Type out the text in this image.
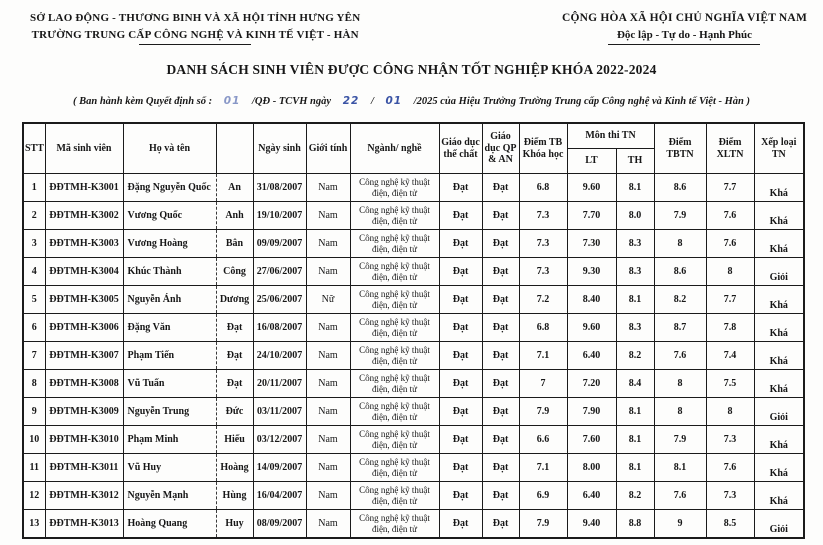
SỞ LAO ĐỘNG - THƯƠNG BINH VÀ XÃ HỘI TỈNH HƯNG YÊN
TRƯỜNG TRUNG CẤP CÔNG NGHỆ VÀ KINH TẾ VIỆT - HÀN
CỘNG HÒA XÃ HỘI CHỦ NGHĨA VIỆT NAM
Độc lập - Tự do - Hạnh Phúc
DANH SÁCH SINH VIÊN ĐƯỢC CÔNG NHẬN TỐT NGHIỆP KHÓA 2022-2024
( Ban hành kèm Quyết định số : 01 /QĐ - TCVH ngày 22 / 01 /2025 của Hiệu Trưởng Trường Trung cấp Công nghệ và Kinh tế Việt - Hàn )
STT	Mã sinh viên	Họ và tên		Ngày sinh	Giới tính	Ngành/ nghề	Giáo dục thể chất	Giáo dục QP & AN	Điểm TB Khóa học	Môn thi TN		Điểm TBTN	Điểm XLTN	Xếp loại TN
										LT	TH			
1	ĐĐTMH-K3001	Đặng Nguyễn Quốc	An	31/08/2007	Nam	Công nghệ kỹ thuật điện, điện tử	Đạt	Đạt	6.8	9.60	8.1	8.6	7.7	Khá
2	ĐĐTMH-K3002	Vương Quốc	Anh	19/10/2007	Nam	Công nghệ kỹ thuật điện, điện tử	Đạt	Đạt	7.3	7.70	8.0	7.9	7.6	Khá
3	ĐĐTMH-K3003	Vương Hoàng	Bân	09/09/2007	Nam	Công nghệ kỹ thuật điện, điện tử	Đạt	Đạt	7.3	7.30	8.3	8	7.6	Khá
4	ĐĐTMH-K3004	Khúc Thành	Công	27/06/2007	Nam	Công nghệ kỹ thuật điện, điện tử	Đạt	Đạt	7.3	9.30	8.3	8.6	8	Giỏi
5	ĐĐTMH-K3005	Nguyễn Ánh	Dương	25/06/2007	Nữ	Công nghệ kỹ thuật điện, điện tử	Đạt	Đạt	7.2	8.40	8.1	8.2	7.7	Khá
6	ĐĐTMH-K3006	Đặng Văn	Đạt	16/08/2007	Nam	Công nghệ kỹ thuật điện, điện tử	Đạt	Đạt	6.8	9.60	8.3	8.7	7.8	Khá
7	ĐĐTMH-K3007	Phạm Tiến	Đạt	24/10/2007	Nam	Công nghệ kỹ thuật điện, điện tử	Đạt	Đạt	7.1	6.40	8.2	7.6	7.4	Khá
8	ĐĐTMH-K3008	Vũ Tuấn	Đạt	20/11/2007	Nam	Công nghệ kỹ thuật điện, điện tử	Đạt	Đạt	7	7.20	8.4	8	7.5	Khá
9	ĐĐTMH-K3009	Nguyễn Trung	Đức	03/11/2007	Nam	Công nghệ kỹ thuật điện, điện tử	Đạt	Đạt	7.9	7.90	8.1	8	8	Giỏi
10	ĐĐTMH-K3010	Phạm Minh	Hiếu	03/12/2007	Nam	Công nghệ kỹ thuật điện, điện tử	Đạt	Đạt	6.6	7.60	8.1	7.9	7.3	Khá
11	ĐĐTMH-K3011	Vũ Huy	Hoàng	14/09/2007	Nam	Công nghệ kỹ thuật điện, điện tử	Đạt	Đạt	7.1	8.00	8.1	8.1	7.6	Khá
12	ĐĐTMH-K3012	Nguyễn Mạnh	Hùng	16/04/2007	Nam	Công nghệ kỹ thuật điện, điện tử	Đạt	Đạt	6.9	6.40	8.2	7.6	7.3	Khá
13	ĐĐTMH-K3013	Hoàng Quang	Huy	08/09/2007	Nam	Công nghệ kỹ thuật điện, điện tử	Đạt	Đạt	7.9	9.40	8.8	9	8.5	Giỏi
